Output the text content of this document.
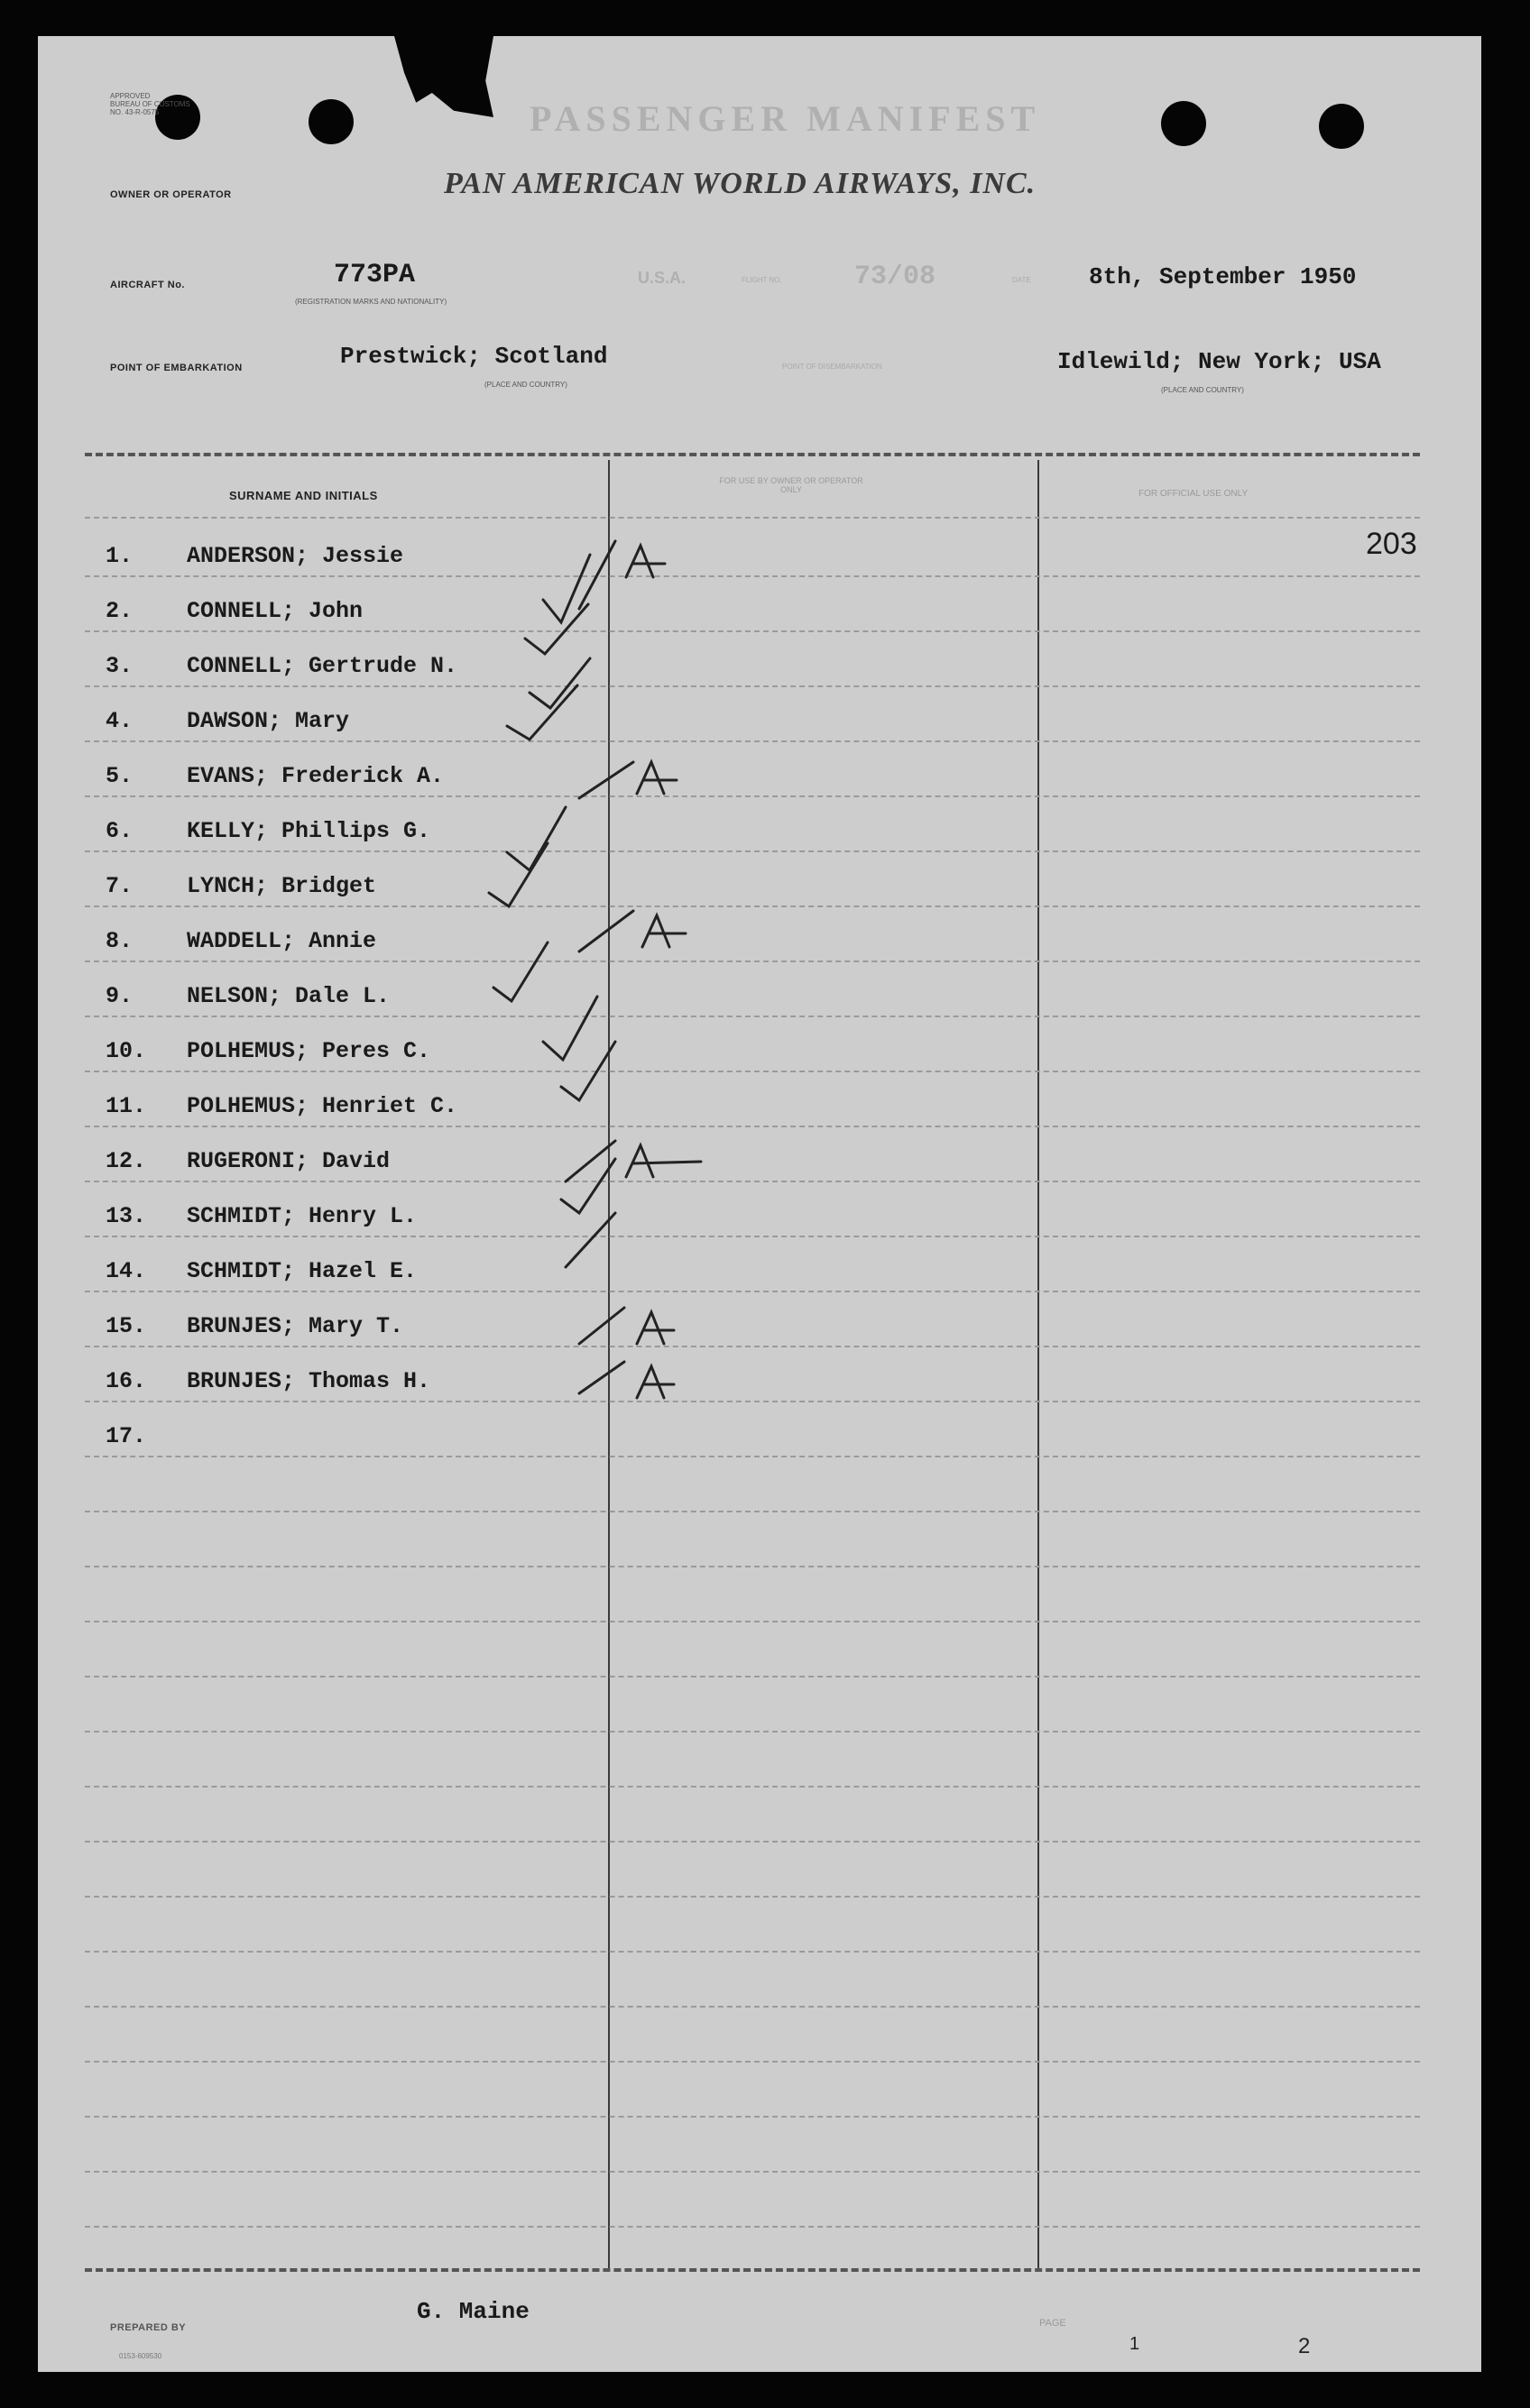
APPROVED
BUREAU OF CUSTOMS
NO. 43-R-0575	PASSENGER MANIFEST
OWNER OR OPERATOR	PAN AMERICAN WORLD AIRWAYS, INC.
AIRCRAFT No.	773PA
(REGISTRATION MARKS AND NATIONALITY)
U.S.A.	FLIGHT NO.	73/08	DATE 8th, September 1950
POINT OF EMBARKATION	Prestwick; Scotland
(PLACE AND COUNTRY)
POINT OF DISEMBARKATION	Idlewild; New York; USA
(PLACE AND COUNTRY)
SURNAME AND INITIALS
FOR USE BY OWNER OR OPERATOR ONLY	FOR OFFICIAL USE ONLY
203
1. ANDERSON; Jessie
2. CONNELL; John
3. CONNELL; Gertrude N.
4. DAWSON; Mary
5. EVANS; Frederick A.
6. KELLY; Phillips G.
7. LYNCH; Bridget
8. WADDELL; Annie
9. NELSON; Dale L.
10. POLHEMUS; Peres C.
11. POLHEMUS; Henriet C.
12. RUGERONI; David
13. SCHMIDT; Henry L.
14. SCHMIDT; Hazel E.
15. BRUNJES; Mary T.
16. BRUNJES; Thomas H.
17.
PREPARED BY
G. Maine	PAGE
1	2
0153-609530
